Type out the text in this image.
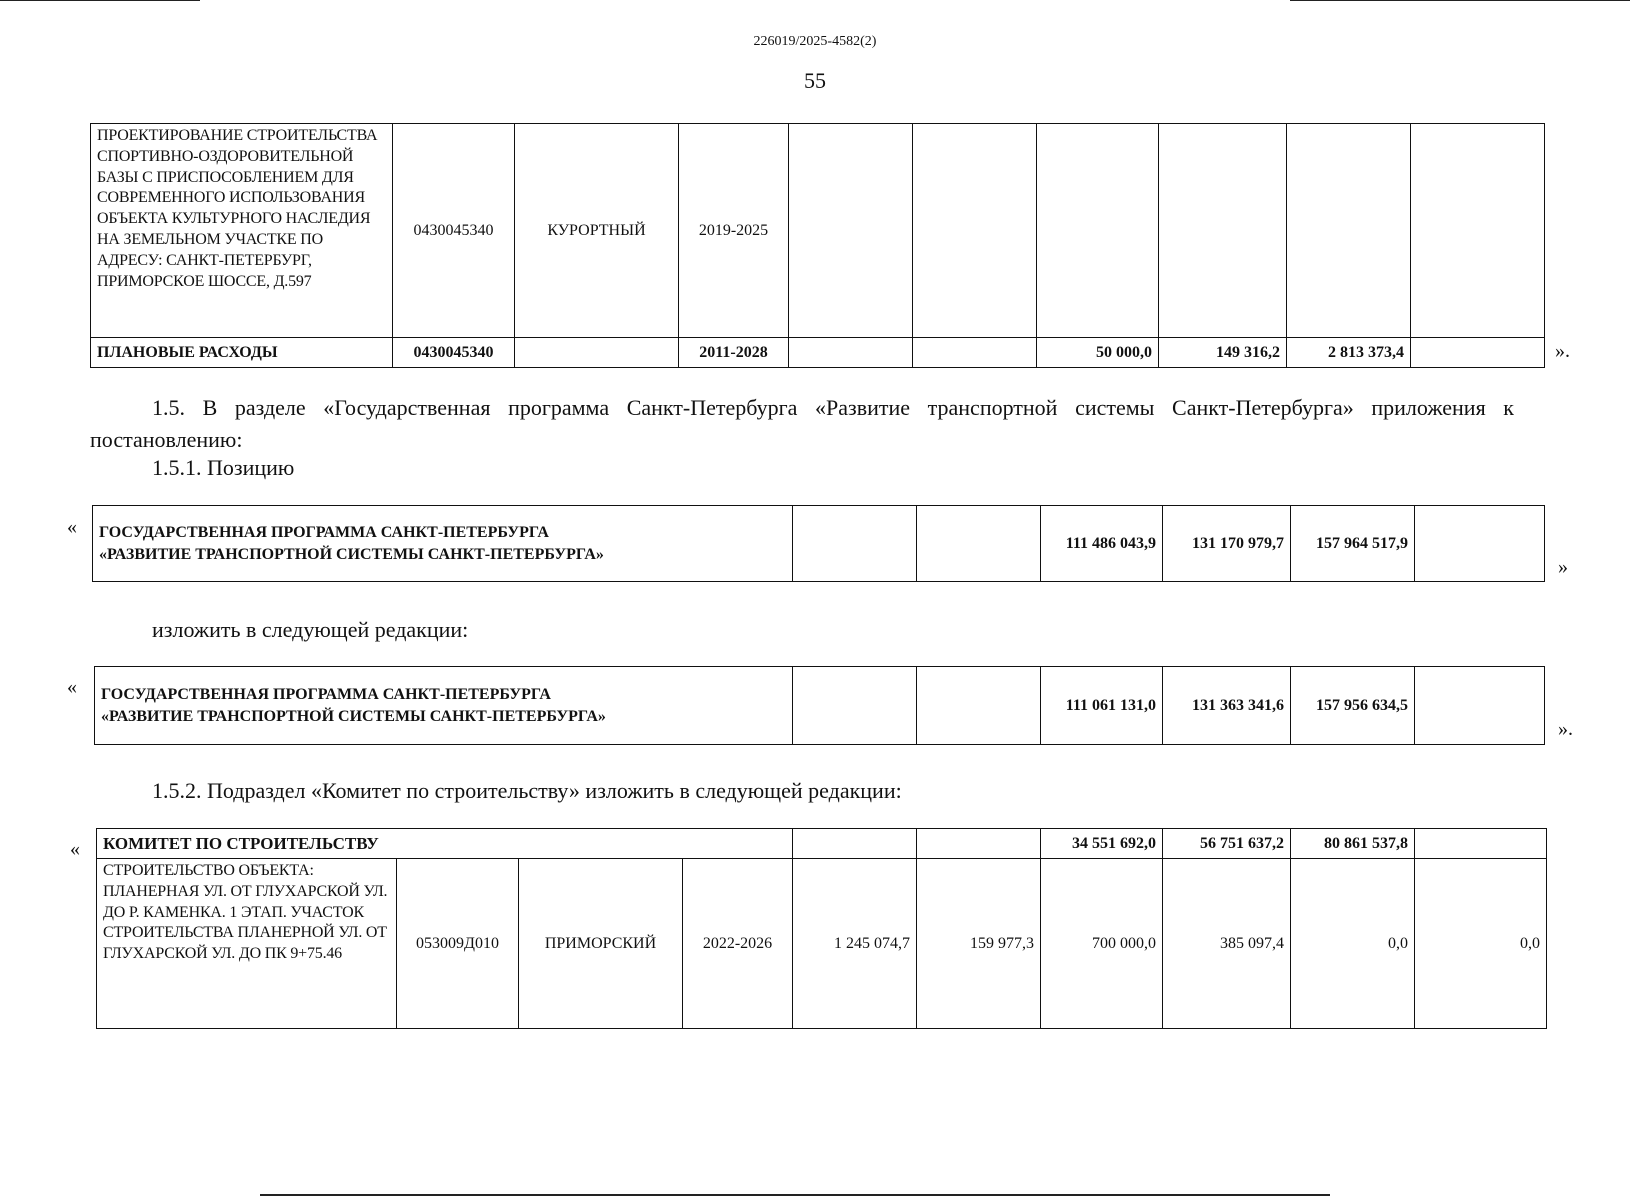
226019/2025-4582(2)
55
ПРОЕКТИРОВАНИЕ СТРОИТЕЛЬСТВА СПОРТИВНО-ОЗДОРОВИТЕЛЬНОЙ БАЗЫ С ПРИСПОСОБЛЕНИЕМ ДЛЯ СОВРЕМЕННОГО ИСПОЛЬЗОВАНИЯ ОБЪЕКТА КУЛЬТУРНОГО НАСЛЕДИЯ НА ЗЕМЕЛЬНОМ УЧАСТКЕ ПО АДРЕСУ: САНКТ-ПЕТЕРБУРГ, ПРИМОРСКОЕ ШОССЕ, Д.597	0430045340	КУРОРТНЫЙ	2019-2025						
ПЛАНОВЫЕ РАСХОДЫ	0430045340		2011-2028			50 000,0	149 316,2	2 813 373,4		».
1.5. В разделе «Государственная программа Санкт-Петербурга «Развитие транспортной системы Санкт-Петербурга» приложения к постановлению:
1.5.1. Позицию
« ГОСУДАРСТВЕННАЯ ПРОГРАММА САНКТ-ПЕТЕРБУРГА
«РАЗВИТИЕ ТРАНСПОРТНОЙ СИСТЕМЫ САНКТ-ПЕТЕРБУРГА»
			111 486 043,9	131 170 979,7	157 964 517,9	
»
изложить в следующей редакции:
« ГОСУДАРСТВЕННАЯ ПРОГРАММА САНКТ-ПЕТЕРБУРГА
«РАЗВИТИЕ ТРАНСПОРТНОЙ СИСТЕМЫ САНКТ-ПЕТЕРБУРГА»
			111 061 131,0	131 363 341,6	157 956 634,5	
».
1.5.2. Подраздел «Комитет по строительству» изложить в следующей редакции:
« КОМИТЕТ ПО СТРОИТЕЛЬСТВУ						34 551 692,0	56 751 637,2	80 861 537,8	
СТРОИТЕЛЬСТВО ОБЪЕКТА: ПЛАНЕРНАЯ УЛ. ОТ ГЛУХАРСКОЙ УЛ. ДО Р. КАМЕНКА. 1 ЭТАП. УЧАСТОК СТРОИТЕЛЬСТВА ПЛАНЕРНОЙ УЛ. ОТ ГЛУХАРСКОЙ УЛ. ДО ПК 9+75.46	053009Д010	ПРИМОРСКИЙ	2022-2026	1 245 074,7	159 977,3	700 000,0	385 097,4	0,0	0,0
